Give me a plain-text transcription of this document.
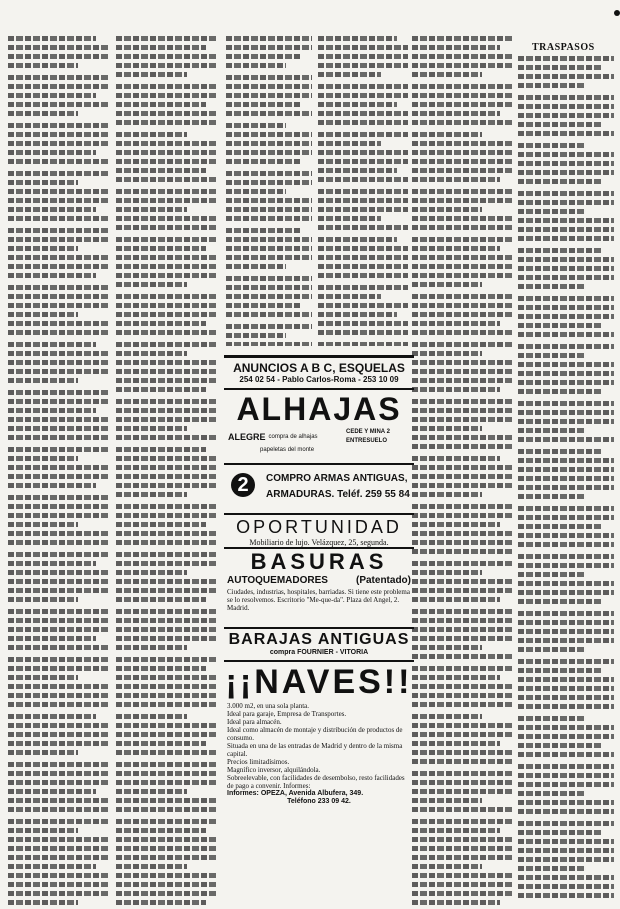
TRASPASOS
ANUNCIOS A B C, ESQUELAS
254 02 54 - Pablo Carlos-Roma - 253 10 09
ALHAJAS
ALEGRE compra de alhajas
CEDE Y MINA 2 ENTRESUELO
papeletas del monte
2	COMPRO ARMAS ANTIGUAS,
ARMADURAS. Teléf. 259 55 84
OPORTUNIDAD
Mobiliario de lujo. Velázquez, 25, segunda.
BASURAS
AUTOQUEMADORES	(Patentado)
Ciudades, industrias, hospitales, barriadas. Si tiene este problema se lo resolvemos. Escritorio "Me-que-da". Plaza del Angel, 2. Madrid.
BARAJAS ANTIGUAS
compra FOURNIER - VITORIA
¡¡NAVES!!
3.000 m2, en una sola planta.
Ideal para garaje, Empresa de Transportes.
Ideal para almacén.
Ideal como almacén de montaje y distribución de productos de consumo.
Situada en una de las entradas de Madrid y dentro de la misma capital.
Precios limitadísimos.
Magnífico inversor, alquilándola.
Sobreelevable, con facilidades de desembolso, resto facilidades de pago a convenir. Informes:
Informes: OPEZA, Avenida Albufera, 349.
Teléfono 233 09 42.
